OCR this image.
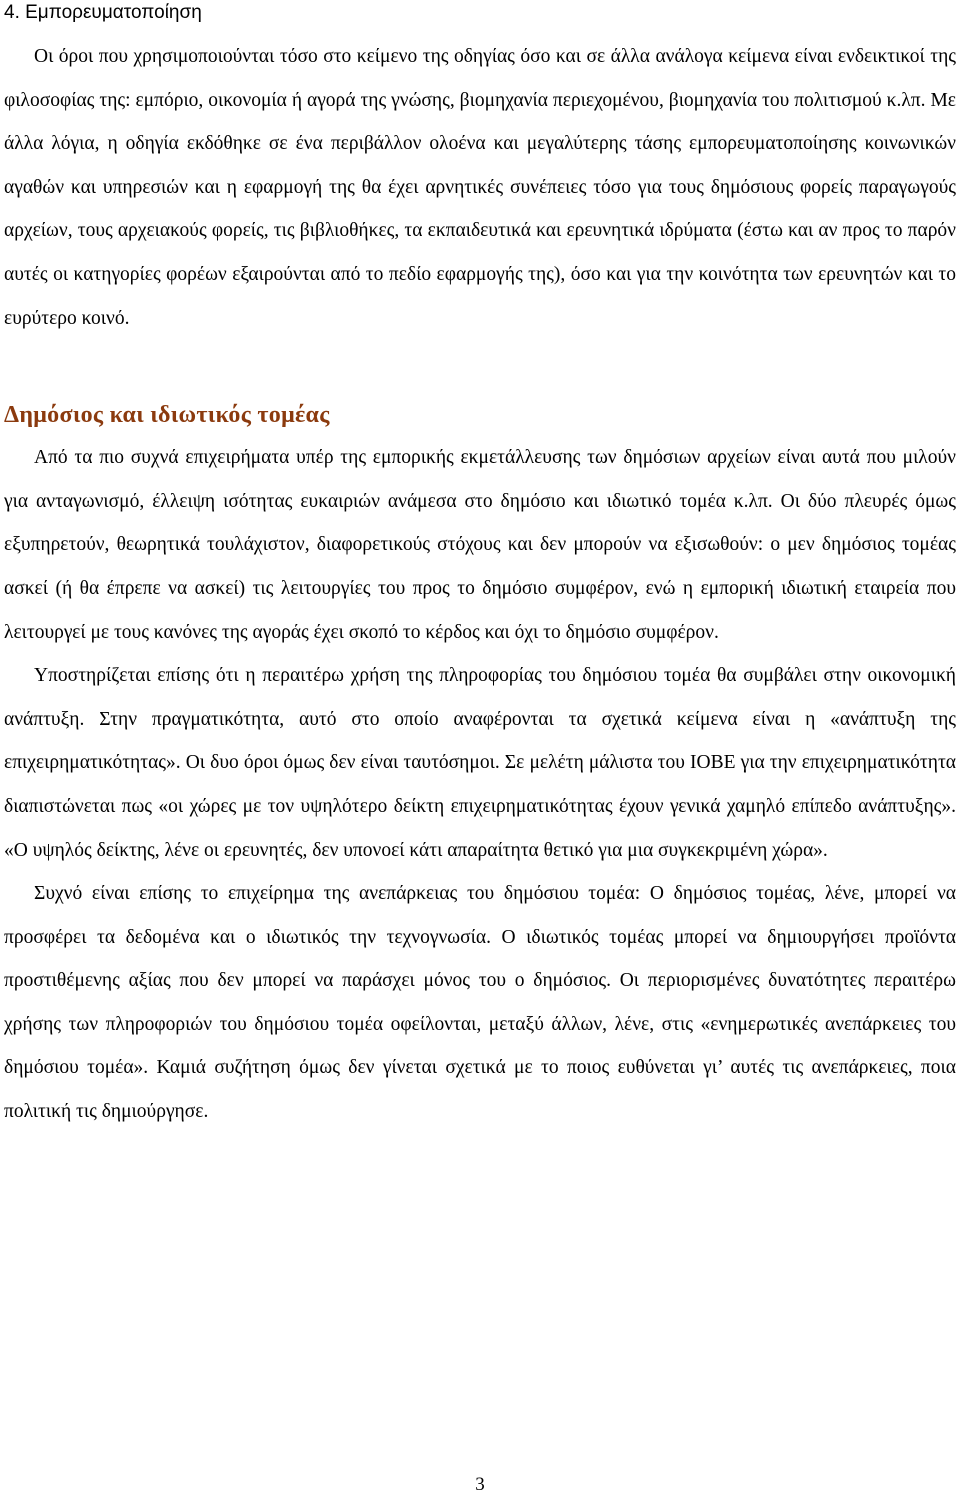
4. Εμπορευματοποίηση

Οι όροι που χρησιμοποιούνται τόσο στο κείμενο της οδηγίας όσο και σε άλλα ανάλογα κείμενα είναι ενδεικτικοί της φιλοσοφίας της: εμπόριο, οικονομία ή αγορά της γνώσης, βιομηχανία περιεχομένου, βιομηχανία του πολιτισμού κ.λπ. Με άλλα λόγια, η οδηγία εκδόθηκε σε ένα περιβάλλον ολοένα και μεγαλύτερης τάσης εμπορευματοποίησης κοινωνικών αγαθών και υπηρεσιών και η εφαρμογή της θα έχει αρνητικές συνέπειες τόσο για τους δημόσιους φορείς παραγωγούς αρχείων, τους αρχειακούς φορείς, τις βιβλιοθήκες, τα εκπαιδευτικά και ερευνητικά ιδρύματα (έστω και αν προς το παρόν αυτές οι κατηγορίες φορέων εξαιρούνται από το πεδίο εφαρμογής της), όσο και για την κοινότητα των ερευνητών και το ευρύτερο κοινό.

Δημόσιος και ιδιωτικός τομέας

Από τα πιο συχνά επιχειρήματα υπέρ της εμπορικής εκμετάλλευσης των δημόσιων αρχείων είναι αυτά που μιλούν για ανταγωνισμό, έλλειψη ισότητας ευκαιριών ανάμεσα στο δημόσιο και ιδιωτικό τομέα κ.λπ. Οι δύο πλευρές όμως εξυπηρετούν, θεωρητικά τουλάχιστον, διαφορετικούς στόχους και δεν μπορούν να εξισωθούν: ο μεν δημόσιος τομέας ασκεί (ή θα έπρεπε να ασκεί) τις λειτουργίες του προς το δημόσιο συμφέρον, ενώ η εμπορική ιδιωτική εταιρεία που λειτουργεί με τους κανόνες της αγοράς έχει σκοπό το κέρδος και όχι το δημόσιο συμφέρον.

Υποστηρίζεται επίσης ότι η περαιτέρω χρήση της πληροφορίας του δημόσιου τομέα θα συμβάλει στην οικονομική ανάπτυξη. Στην πραγματικότητα, αυτό στο οποίο αναφέρονται τα σχετικά κείμενα είναι η «ανάπτυξη της επιχειρηματικότητας». Οι δυο όροι όμως δεν είναι ταυτόσημοι. Σε μελέτη μάλιστα του ΙΟΒΕ για την επιχειρηματικότητα διαπιστώνεται πως «οι χώρες με τον υψηλότερο δείκτη επιχειρηματικότητας έχουν γενικά χαμηλό επίπεδο ανάπτυξης». «Ο υψηλός δείκτης, λένε οι ερευνητές, δεν υπονοεί κάτι απαραίτητα θετικό για μια συγκεκριμένη χώρα».

Συχνό είναι επίσης το επιχείρημα της ανεπάρκειας του δημόσιου τομέα: Ο δημόσιος τομέας, λένε, μπορεί να προσφέρει τα δεδομένα και ο ιδιωτικός την τεχνογνωσία. Ο ιδιωτικός τομέας μπορεί να δημιουργήσει προϊόντα προστιθέμενης αξίας που δεν μπορεί να παράσχει μόνος του ο δημόσιος. Οι περιορισμένες δυνατότητες περαιτέρω χρήσης των πληροφοριών του δημόσιου τομέα οφείλονται, μεταξύ άλλων, λένε, στις «ενημερωτικές ανεπάρκειες του δημόσιου τομέα». Καμιά συζήτηση όμως δεν γίνεται σχετικά με το ποιος ευθύνεται γι’ αυτές τις ανεπάρκειες, ποια πολιτική τις δημιούργησε.

3
